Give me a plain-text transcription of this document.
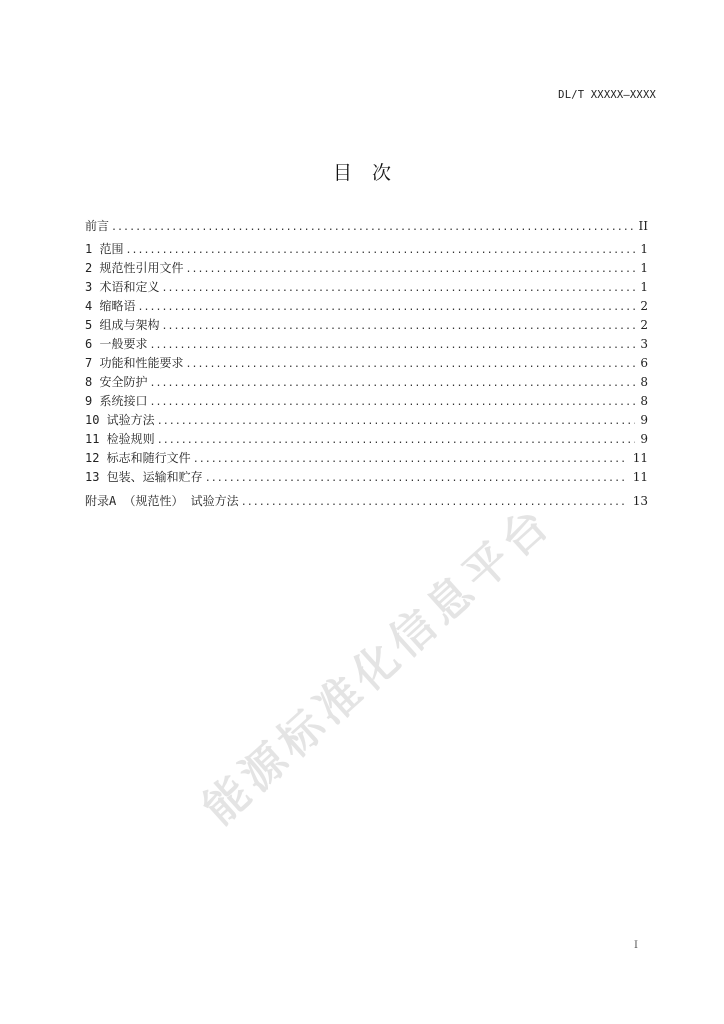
DL/T XXXXX—XXXX
目 次
前言 .....	II
1 范围 .....	1
2 规范性引用文件 .....	1
3 术语和定义 .....	1
4 缩略语 .....	2
5 组成与架构 .....	2
6 一般要求 .....	3
7 功能和性能要求 .....	6
8 安全防护 .....	8
9 系统接口 .....	8
10 试验方法 .....	9
11 检验规则 .....	9
12 标志和随行文件 .....	11
13 包装、运输和贮存 .....	11
附录A （规范性） 试验方法 .....	13
能源标准化信息平台
I
